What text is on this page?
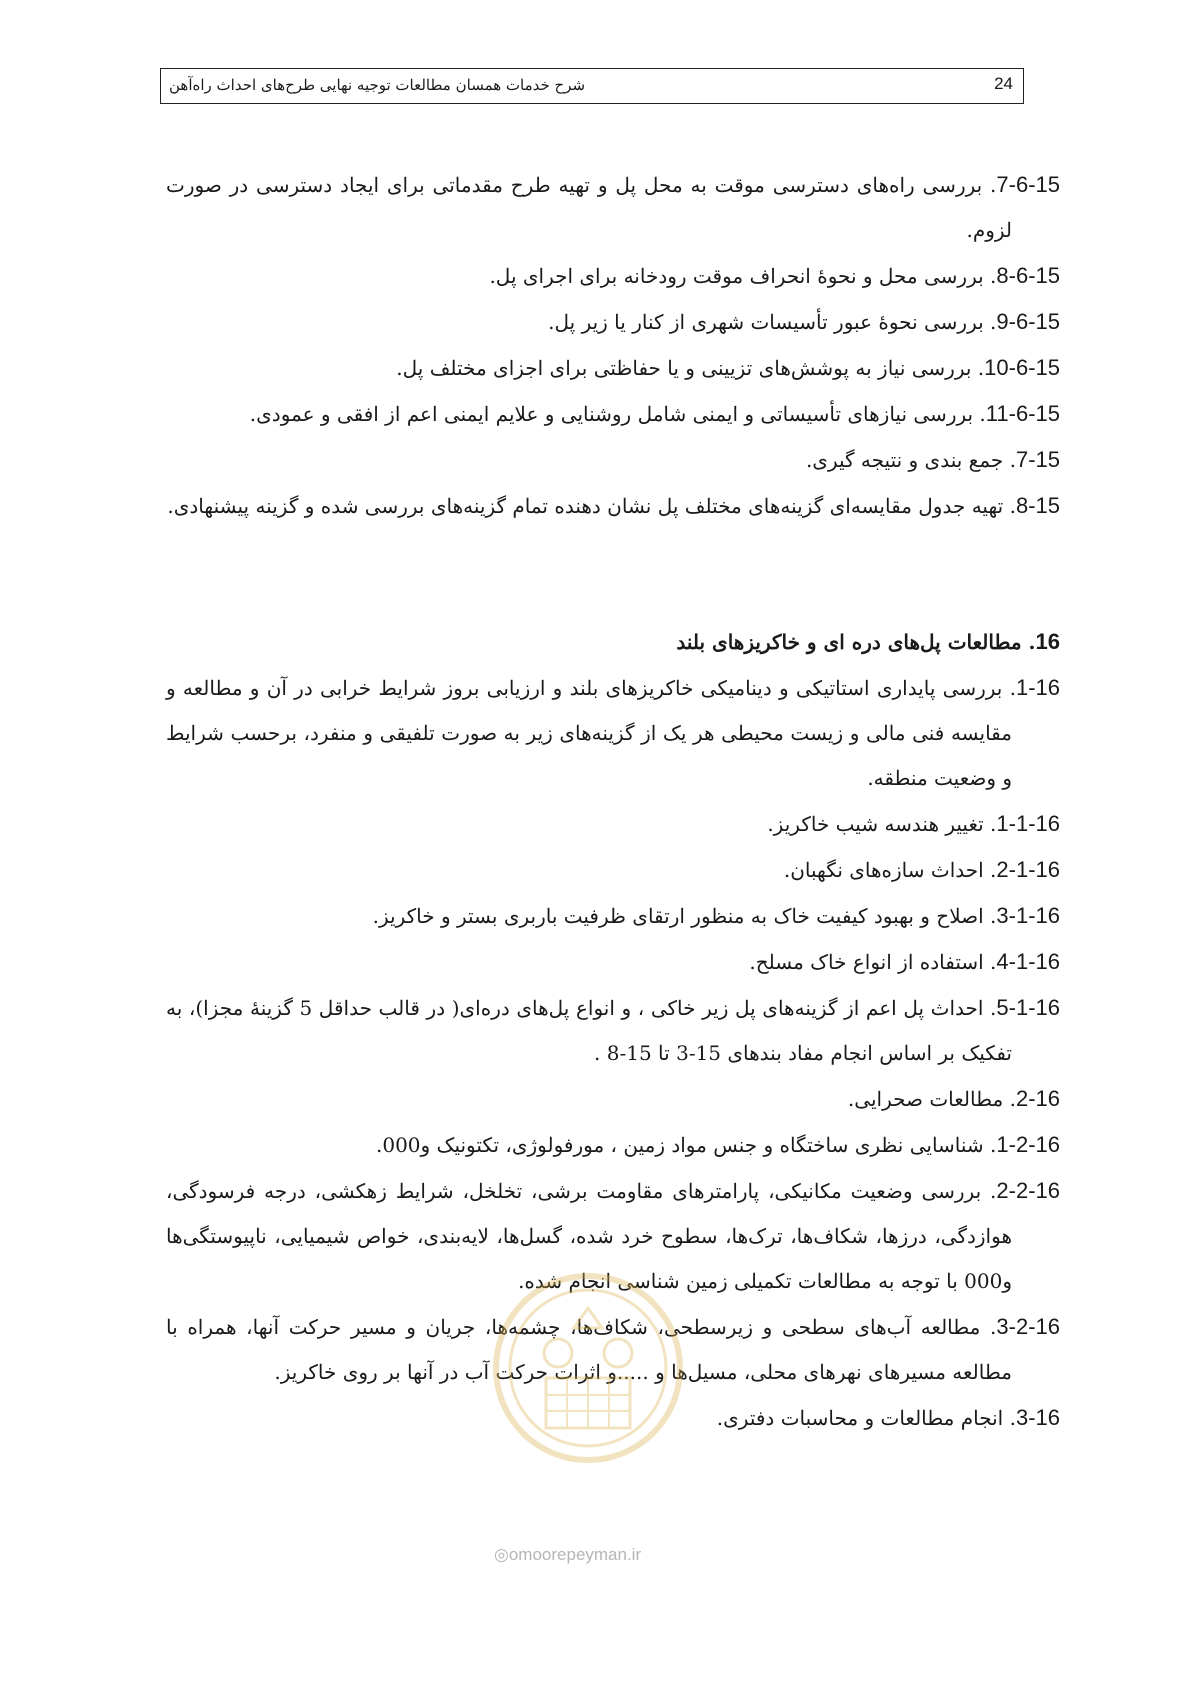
24
شرح خدمات همسان مطالعات توجیه نهایی طرح‌های احداث راه‌آهن

7-6-15. بررسی راه‌های دسترسی موقت به محل پل و تهیه طرح مقدماتی برای ایجاد دسترسی در صورت لزوم.

8-6-15. بررسی محل و نحوۀ انحراف موقت رودخانه برای اجرای پل.

9-6-15. بررسی نحوۀ عبور تأسیسات شهری از کنار یا زیر پل.

10-6-15. بررسی نیاز به پوشش‌های تزیینی و یا حفاظتی برای اجزای مختلف پل.

11-6-15. بررسی نیازهای تأسیساتی و ایمنی شامل روشنایی و علایم ایمنی اعم از افقی و عمودی.

7-15. جمع بندی و نتیجه گیری.

8-15. تهیه جدول مقایسه‌ای گزینه‌های مختلف پل نشان دهنده تمام گزینه‌های بررسی شده و گزینه پیشنهادی.

16. مطالعات پل‌های دره ای و خاکریزهای بلند

1-16. بررسی پایداری استاتیکی و دینامیکی خاکریزهای بلند و ارزیابی بروز شرایط خرابی در آن و مطالعه و مقایسه فنی مالی و زیست محیطی هر یک از گزینه‌های زیر به صورت تلفیقی و منفرد، برحسب شرایط و وضعیت منطقه.

1-1-16. تغییر هندسه شیب خاکریز.

2-1-16. احداث سازه‌های نگهبان.

3-1-16. اصلاح و بهبود کیفیت خاک به منظور ارتقای ظرفیت باربری بستر و خاکریز.

4-1-16. استفاده از انواع خاک مسلح.

5-1-16. احداث پل اعم از گزینه‌های پل زیر خاکی ، و انواع پل‌های دره‌ای( در قالب حداقل 5 گزینۀ مجزا)، به تفکیک بر اساس انجام مفاد بندهای 15-3 تا 15-8 .

2-16. مطالعات صحرایی.

1-2-16. شناسایی نظری ساختگاه و جنس مواد زمین ، مورفولوژی، تکتونیک و000.

2-2-16. بررسی وضعیت مکانیکی، پارامترهای مقاومت برشی، تخلخل، شرایط زهکشی، درجه فرسودگی، هوازدگی، درزها، شکاف‌ها، ترک‌ها، سطوح خرد شده، گسل‌ها، لایه‌بندی، خواص شیمیایی، ناپیوستگی‌ها و000 با توجه به مطالعات تکمیلی زمین شناسی انجام شده.

3-2-16. مطالعه آب‌های سطحی و زیرسطحی، شکاف‌ها، چشمه‌ها، جریان و مسیر حرکت آنها، همراه با مطالعه مسیرهای نهرهای محلی، مسیل‌ها و .....و اثرات حرکت آب در آنها بر روی خاکریز.

3-16. انجام مطالعات و محاسبات دفتری.

◎omoorepeyman.ir
